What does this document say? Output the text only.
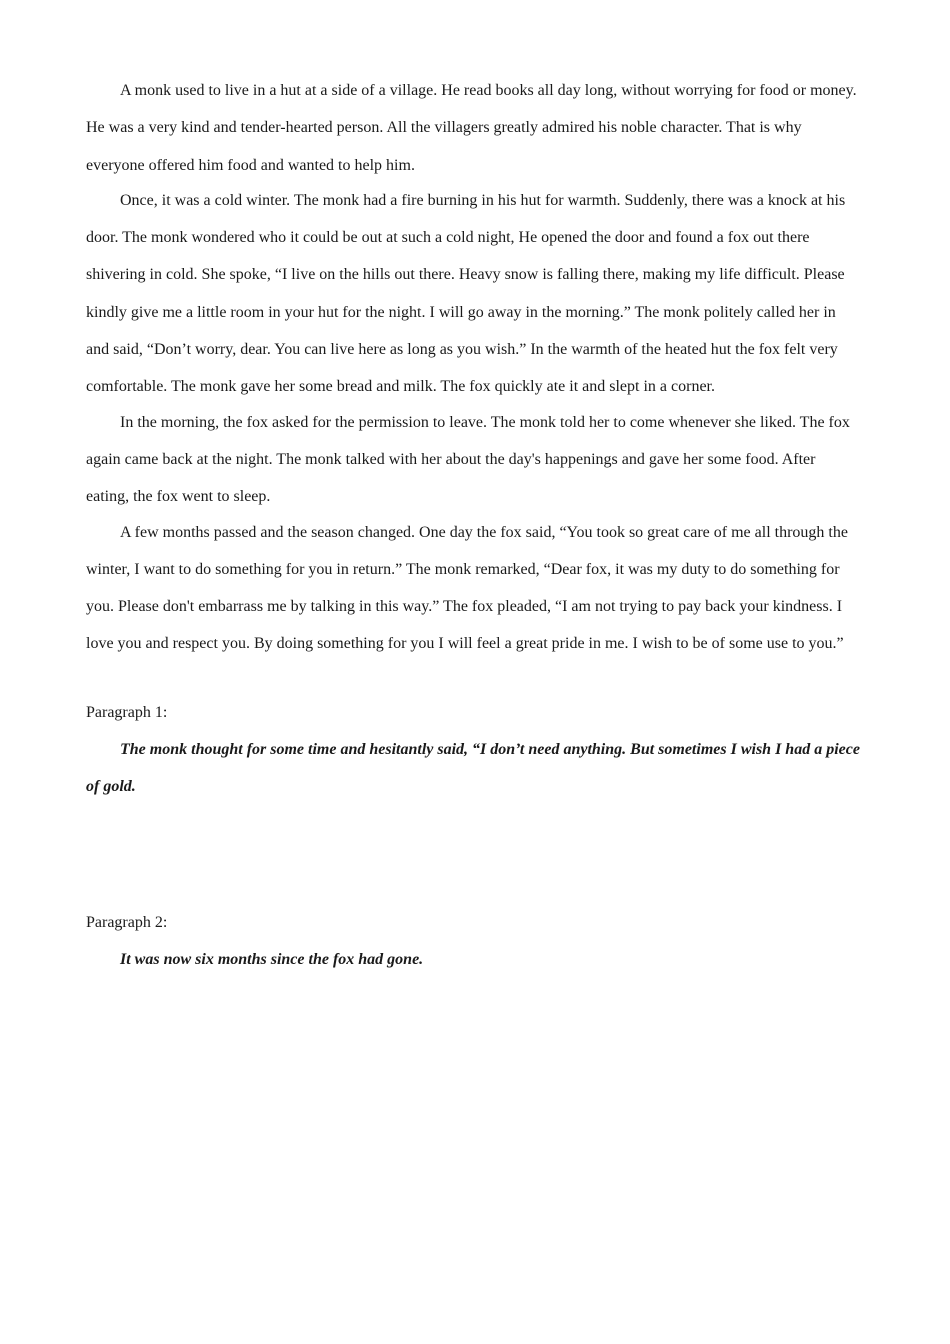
A monk used to live in a hut at a side of a village. He read books all day long, without worrying for food or money. He was a very kind and tender-hearted person. All the villagers greatly admired his noble character. That is why everyone offered him food and wanted to help him.

Once, it was a cold winter. The monk had a fire burning in his hut for warmth. Suddenly, there was a knock at his door. The monk wondered who it could be out at such a cold night, He opened the door and found a fox out there shivering in cold. She spoke, “I live on the hills out there. Heavy snow is falling there, making my life difficult. Please kindly give me a little room in your hut for the night. I will go away in the morning.” The monk politely called her in and said, “Don’t worry, dear. You can live here as long as you wish.” In the warmth of the heated hut the fox felt very comfortable. The monk gave her some bread and milk. The fox quickly ate it and slept in a corner.

In the morning, the fox asked for the permission to leave. The monk told her to come whenever she liked. The fox again came back at the night. The monk talked with her about the day's happenings and gave her some food. After eating, the fox went to sleep.

A few months passed and the season changed. One day the fox said, “You took so great care of me all through the winter, I want to do something for you in return.” The monk remarked, “Dear fox, it was my duty to do something for you. Please don't embarrass me by talking in this way.” The fox pleaded, “I am not trying to pay back your kindness. I love you and respect you. By doing something for you I will feel a great pride in me. I wish to be of some use to you.”

Paragraph 1:
The monk thought for some time and hesitantly said, “I don’t need anything. But sometimes I wish I had a piece of gold.
Paragraph 2:
It was now six months since the fox had gone.
